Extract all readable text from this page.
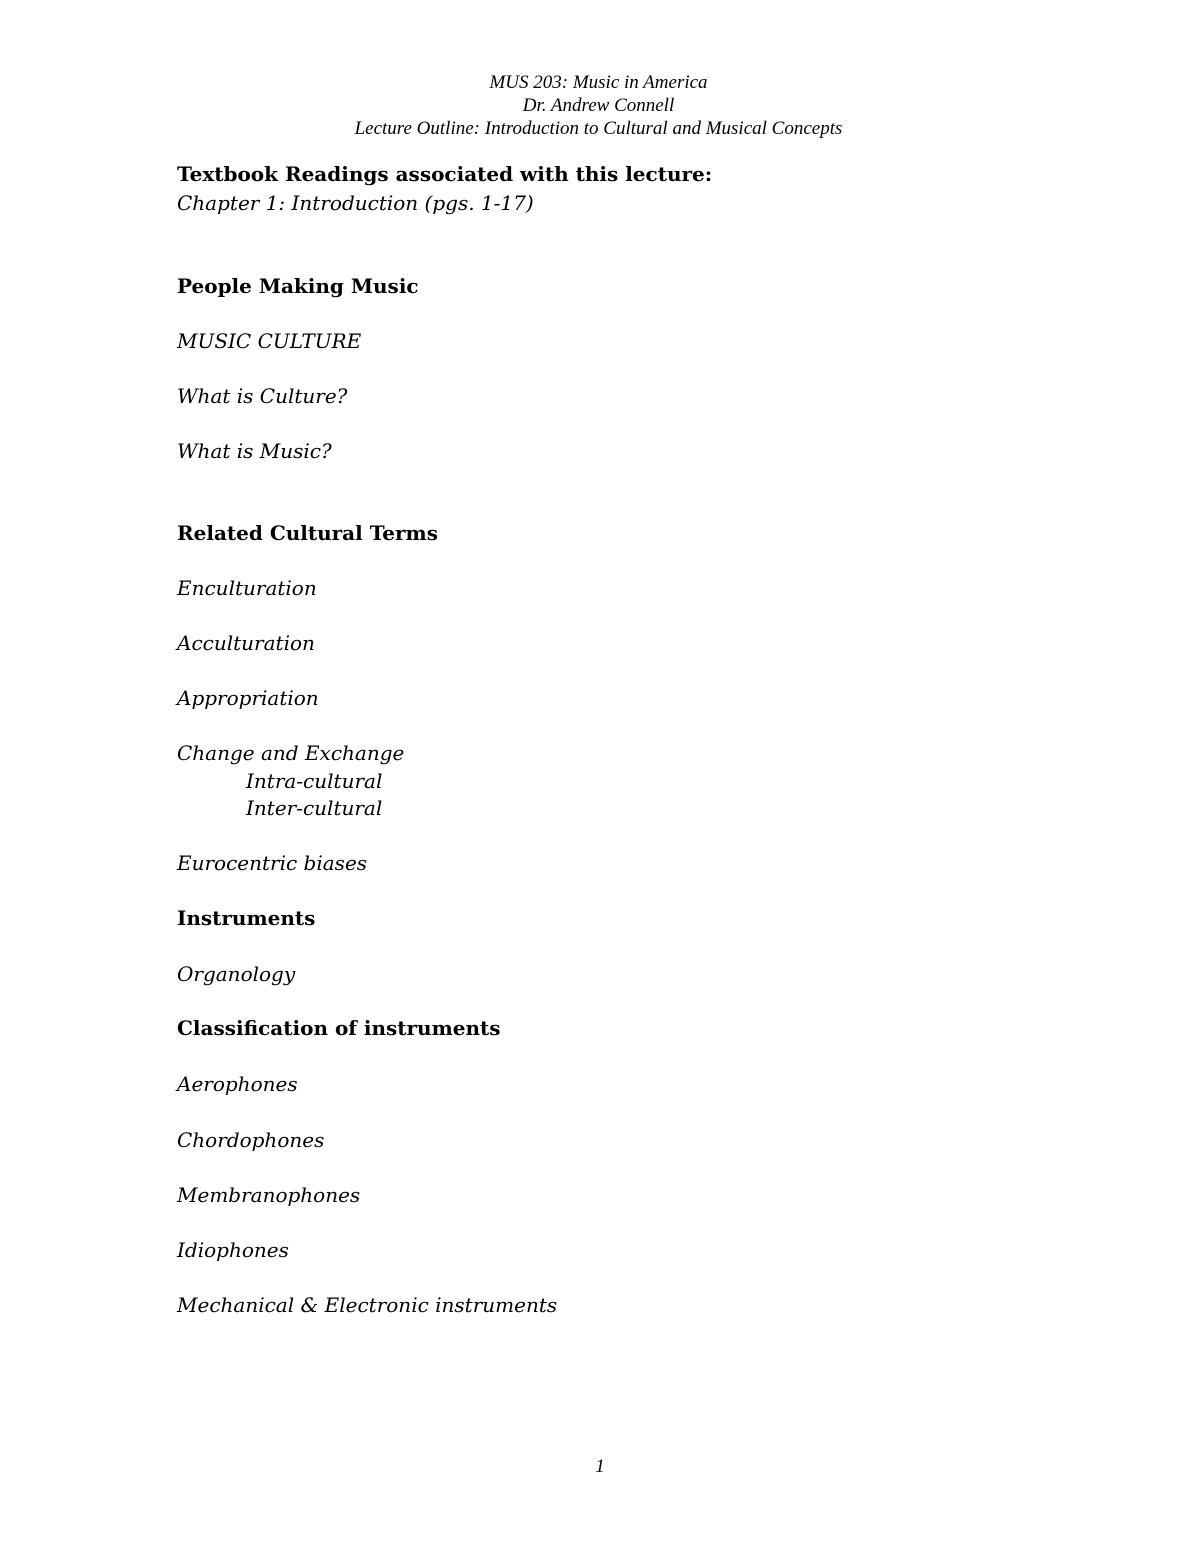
MUS 203: Music in America
Dr. Andrew Connell
Lecture Outline: Introduction to Cultural and Musical Concepts
Textbook Readings associated with this lecture:
Chapter 1: Introduction (pgs. 1-17)
People Making Music
MUSIC CULTURE
What is Culture?
What is Music?
Related Cultural Terms
Enculturation
Acculturation
Appropriation
Change and Exchange
Intra-cultural
Inter-cultural
Eurocentric biases
Instruments
Organology
Classification of instruments
Aerophones
Chordophones
Membranophones
Idiophones
Mechanical & Electronic instruments
1
